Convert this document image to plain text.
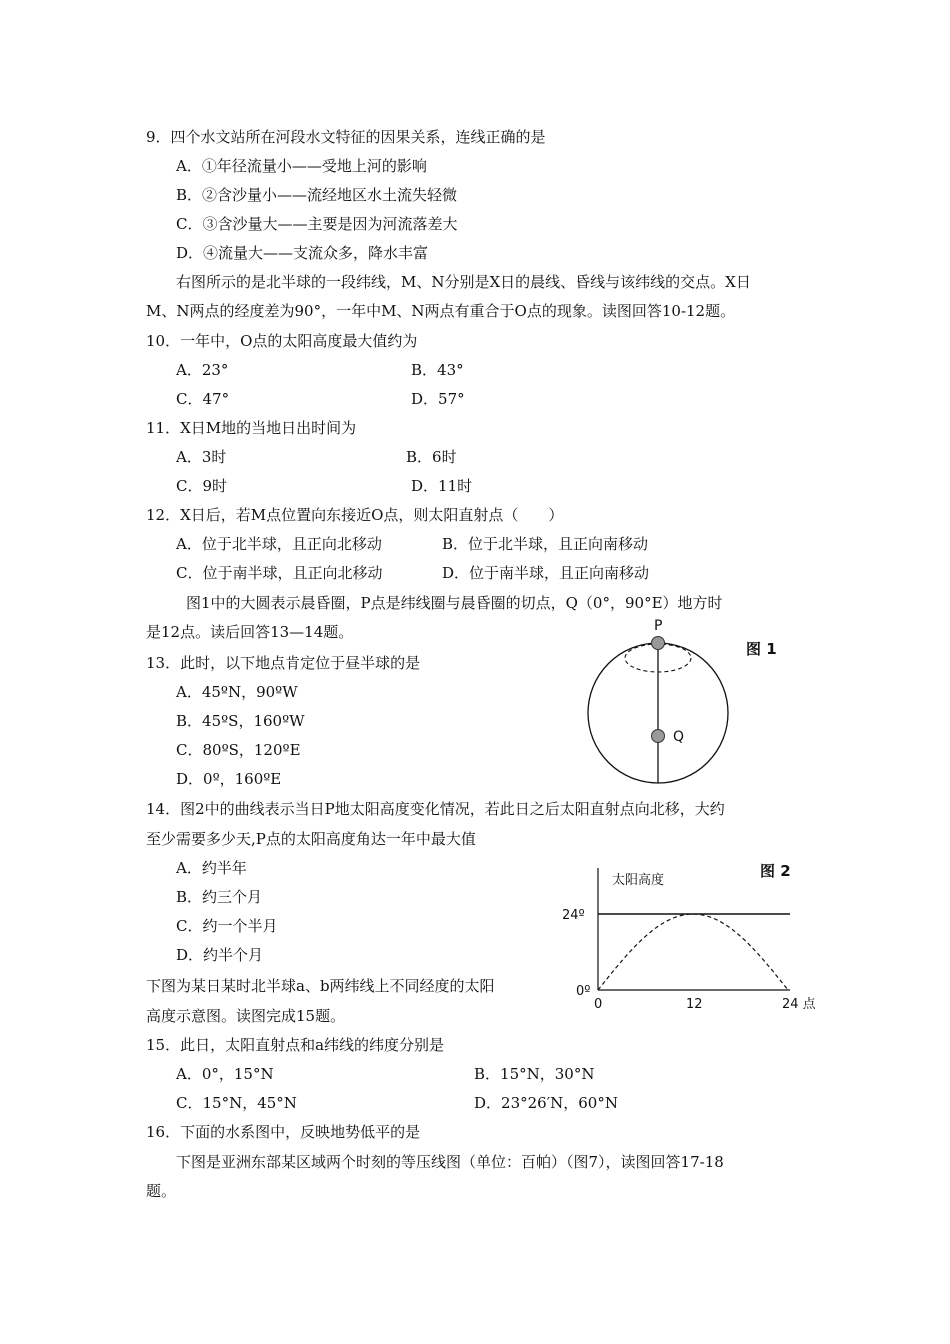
9．四个水文站所在河段水文特征的因果关系，连线正确的是
A．①年径流量小——受地上河的影响
B．②含沙量小——流经地区水土流失轻微
C．③含沙量大——主要是因为河流落差大
D．④流量大——支流众多，降水丰富
右图所示的是北半球的一段纬线，M、N分别是X日的晨线、昏线与该纬线的交点。X日
M、N两点的经度差为90°，一年中M、N两点有重合于O点的现象。读图回答10-12题。
10．一年中，O点的太阳高度最大值约为
A．23°	B．43°
C．47°	D．57°
11．X日M地的当地日出时间为
A．3时	B．6时
C．9时	D．11时
12．X日后，若M点位置向东接近O点，则太阳直射点（　　）
A．位于北半球，且正向北移动	B．位于北半球，且正向南移动
C．位于南半球，且正向北移动	D．位于南半球，且正向南移动
图1中的大圆表示晨昏圈，P点是纬线圈与晨昏圈的切点，Q（0°，90°E）地方时
是12点。读后回答13—14题。
13．此时，以下地点肯定位于昼半球的是
A．45ºN，90ºW
B．45ºS，160ºW
C．80ºS，120ºE
D．0º，160ºE
图 1
P
Q
14．图2中的曲线表示当日P地太阳高度变化情况，若此日之后太阳直射点向北移，大约
至少需要多少天,P点的太阳高度角达一年中最大值
A．约半年
B．约三个月
C．约一个半月
D．约半个月
图 2
太阳高度
24º
0º
0	12	24 点
下图为某日某时北半球a、b两纬线上不同经度的太阳
高度示意图。读图完成15题。
15．此日，太阳直射点和a纬线的纬度分别是
A．0°，15°N	B．15°N，30°N
C．15°N，45°N	D．23°26′N，60°N
16．下面的水系图中，反映地势低平的是
下图是亚洲东部某区域两个时刻的等压线图（单位：百帕）（图7），读图回答17-18
题。
